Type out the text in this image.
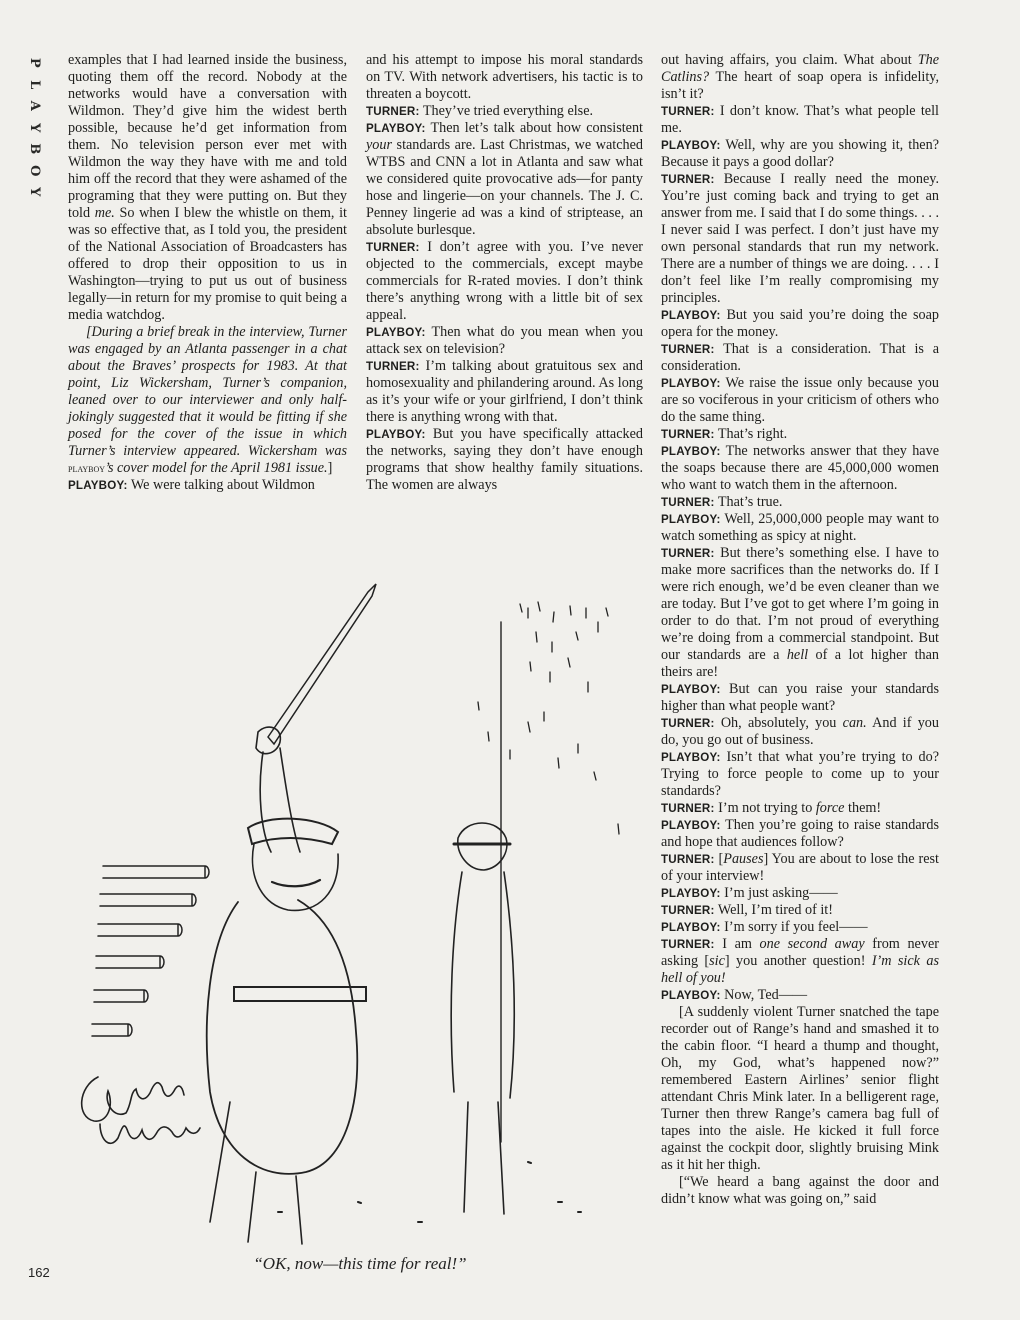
P
L
A
Y
B
O
Y

examples that I had learned inside the business, quoting them off the record. Nobody at the networks would have a conversation with Wildmon. They’d give him the widest berth possible, because he’d get information from them. No television person ever met with Wildmon the way they have with me and told him off the record that they were ashamed of the programing that they were putting on. But they told me. So when I blew the whistle on them, it was so effective that, as I told you, the president of the National Association of Broadcasters has offered to drop their opposition to us in Washington—trying to put us out of business legally—in return for my promise to quit being a media watchdog.

[During a brief break in the interview, Turner was engaged by an Atlanta passenger in a chat about the Braves’ prospects for 1983. At that point, Liz Wickersham, Turner’s companion, leaned over to our interviewer and only half-jokingly suggested that it would be fitting if she posed for the cover of the issue in which Turner’s interview appeared. Wickersham was playboy’s cover model for the April 1981 issue.]

PLAYBOY: We were talking about Wildmon

and his attempt to impose his moral standards on TV. With network advertisers, his tactic is to threaten a boycott.

TURNER: They’ve tried everything else.

PLAYBOY: Then let’s talk about how consistent your standards are. Last Christmas, we watched WTBS and CNN a lot in Atlanta and saw what we considered quite provocative ads—for panty hose and lingerie—on your channels. The J. C. Penney lingerie ad was a kind of striptease, an absolute burlesque.

TURNER: I don’t agree with you. I’ve never objected to the commercials, except maybe commercials for R-rated movies. I don’t think there’s anything wrong with a little bit of sex appeal.

PLAYBOY: Then what do you mean when you attack sex on television?

TURNER: I’m talking about gratuitous sex and homosexuality and philandering around. As long as it’s your wife or your girlfriend, I don’t think there is anything wrong with that.

PLAYBOY: But you have specifically attacked the networks, saying they don’t have enough programs that show healthy family situations. The women are always

out having affairs, you claim. What about The Catlins? The heart of soap opera is infidelity, isn’t it?

TURNER: I don’t know. That’s what people tell me.

PLAYBOY: Well, why are you showing it, then? Because it pays a good dollar?

TURNER: Because I really need the money. You’re just coming back and trying to get an answer from me. I said that I do some things. . . . I never said I was perfect. I don’t just have my own personal standards that run my network. There are a number of things we are doing. . . . I don’t feel like I’m really compromising my principles.

PLAYBOY: But you said you’re doing the soap opera for the money.

TURNER: That is a consideration. That is a consideration.

PLAYBOY: We raise the issue only because you are so vociferous in your criticism of others who do the same thing.

TURNER: That’s right.

PLAYBOY: The networks answer that they have the soaps because there are 45,000,000 women who want to watch them in the afternoon.

TURNER: That’s true.

PLAYBOY: Well, 25,000,000 people may want to watch something as spicy at night.

TURNER: But there’s something else. I have to make more sacrifices than the networks do. If I were rich enough, we’d be even cleaner than we are today. But I’ve got to get where I’m going in order to do that. I’m not proud of everything we’re doing from a commercial standpoint. But our standards are a hell of a lot higher than theirs are!

PLAYBOY: But can you raise your standards higher than what people want?

TURNER: Oh, absolutely, you can. And if you do, you go out of business.

PLAYBOY: Isn’t that what you’re trying to do? Trying to force people to come up to your standards?

TURNER: I’m not trying to force them!

PLAYBOY: Then you’re going to raise standards and hope that audiences follow?

TURNER: [Pauses] You are about to lose the rest of your interview!

PLAYBOY: I’m just asking——

TURNER: Well, I’m tired of it!

PLAYBOY: I’m sorry if you feel——

TURNER: I am one second away from never asking [sic] you another question! I’m sick as hell of you!

PLAYBOY: Now, Ted——

[A suddenly violent Turner snatched the tape recorder out of Range’s hand and smashed it to the cabin floor. “I heard a thump and thought, Oh, my God, what’s happened now?” remembered Eastern Airlines’ senior flight attendant Chris Mink later. In a belligerent rage, Turner then threw Range’s camera bag full of tapes into the aisle. He kicked it full force against the cockpit door, slightly bruising Mink as it hit her thigh.

[“We heard a bang against the door and didn’t know what was going on,” said

“OK, now—this time for real!”
162
